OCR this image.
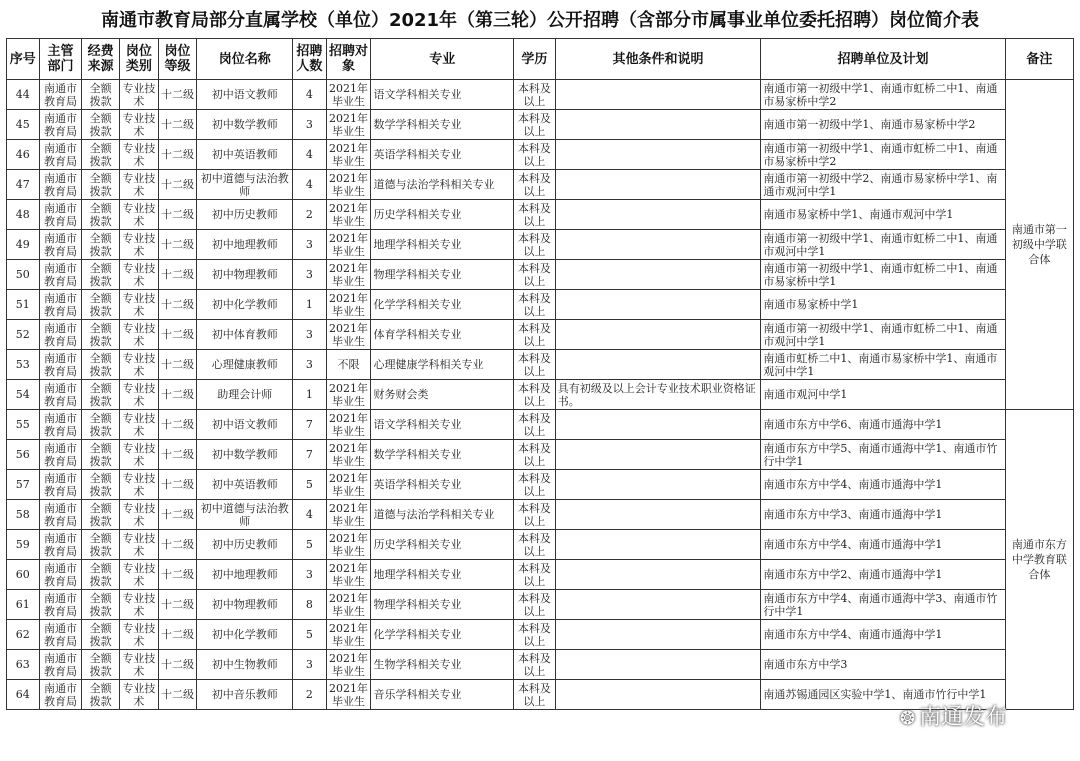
南通市教育局部分直属学校（单位）2021年（第三轮）公开招聘（含部分市属事业单位委托招聘）岗位简介表
序号	主管部门	经费来源	岗位类别	岗位等级	岗位名称	招聘人数	招聘对象	专业	学历	其他条件和说明	招聘单位及计划	备注
44	南通市教育局	全额拨款	专业技术	十二级	初中语文教师	4	2021年毕业生	语文学科相关专业	本科及以上		南通市第一初级中学1、南通市虹桥二中1、南通市易家桥中学2	南通市第一初级中学联合体
45	南通市教育局	全额拨款	专业技术	十二级	初中数学教师	3	2021年毕业生	数学学科相关专业	本科及以上		南通市第一初级中学1、南通市易家桥中学2	
46	南通市教育局	全额拨款	专业技术	十二级	初中英语教师	4	2021年毕业生	英语学科相关专业	本科及以上		南通市第一初级中学1、南通市虹桥二中1、南通市易家桥中学2	
47	南通市教育局	全额拨款	专业技术	十二级	初中道德与法治教师	4	2021年毕业生	道德与法治学科相关专业	本科及以上		南通市第一初级中学2、南通市易家桥中学1、南通市观河中学1	
48	南通市教育局	全额拨款	专业技术	十二级	初中历史教师	2	2021年毕业生	历史学科相关专业	本科及以上		南通市易家桥中学1、南通市观河中学1	
49	南通市教育局	全额拨款	专业技术	十二级	初中地理教师	3	2021年毕业生	地理学科相关专业	本科及以上		南通市第一初级中学1、南通市虹桥二中1、南通市观河中学1	
50	南通市教育局	全额拨款	专业技术	十二级	初中物理教师	3	2021年毕业生	物理学科相关专业	本科及以上		南通市第一初级中学1、南通市虹桥二中1、南通市易家桥中学1	
51	南通市教育局	全额拨款	专业技术	十二级	初中化学教师	1	2021年毕业生	化学学科相关专业	本科及以上		南通市易家桥中学1	
52	南通市教育局	全额拨款	专业技术	十二级	初中体育教师	3	2021年毕业生	体育学科相关专业	本科及以上		南通市第一初级中学1、南通市虹桥二中1、南通市观河中学1	
53	南通市教育局	全额拨款	专业技术	十二级	心理健康教师	3	不限	心理健康学科相关专业	本科及以上		南通市虹桥二中1、南通市易家桥中学1、南通市观河中学1	
54	南通市教育局	全额拨款	专业技术	十二级	助理会计师	1	2021年毕业生	财务财会类	本科及以上	具有初级及以上会计专业技术职业资格证书。	南通市观河中学1	
55	南通市教育局	全额拨款	专业技术	十二级	初中语文教师	7	2021年毕业生	语文学科相关专业	本科及以上		南通市东方中学6、南通市通海中学1	南通市东方中学教育联合体
56	南通市教育局	全额拨款	专业技术	十二级	初中数学教师	7	2021年毕业生	数学学科相关专业	本科及以上		南通市东方中学5、南通市通海中学1、南通市竹行中学1	
57	南通市教育局	全额拨款	专业技术	十二级	初中英语教师	5	2021年毕业生	英语学科相关专业	本科及以上		南通市东方中学4、南通市通海中学1	
58	南通市教育局	全额拨款	专业技术	十二级	初中道德与法治教师	4	2021年毕业生	道德与法治学科相关专业	本科及以上		南通市东方中学3、南通市通海中学1	
59	南通市教育局	全额拨款	专业技术	十二级	初中历史教师	5	2021年毕业生	历史学科相关专业	本科及以上		南通市东方中学4、南通市通海中学1	
60	南通市教育局	全额拨款	专业技术	十二级	初中地理教师	3	2021年毕业生	地理学科相关专业	本科及以上		南通市东方中学2、南通市通海中学1	
61	南通市教育局	全额拨款	专业技术	十二级	初中物理教师	8	2021年毕业生	物理学科相关专业	本科及以上		南通市东方中学4、南通市通海中学3、南通市竹行中学1	
62	南通市教育局	全额拨款	专业技术	十二级	初中化学教师	5	2021年毕业生	化学学科相关专业	本科及以上		南通市东方中学4、南通市通海中学1	
63	南通市教育局	全额拨款	专业技术	十二级	初中生物教师	3	2021年毕业生	生物学科相关专业	本科及以上		南通市东方中学3	
64	南通市教育局	全额拨款	专业技术	十二级	初中音乐教师	2	2021年毕业生	音乐学科相关专业	本科及以上		南通苏锡通园区实验中学1、南通市竹行中学1	
❂ 南通发布
